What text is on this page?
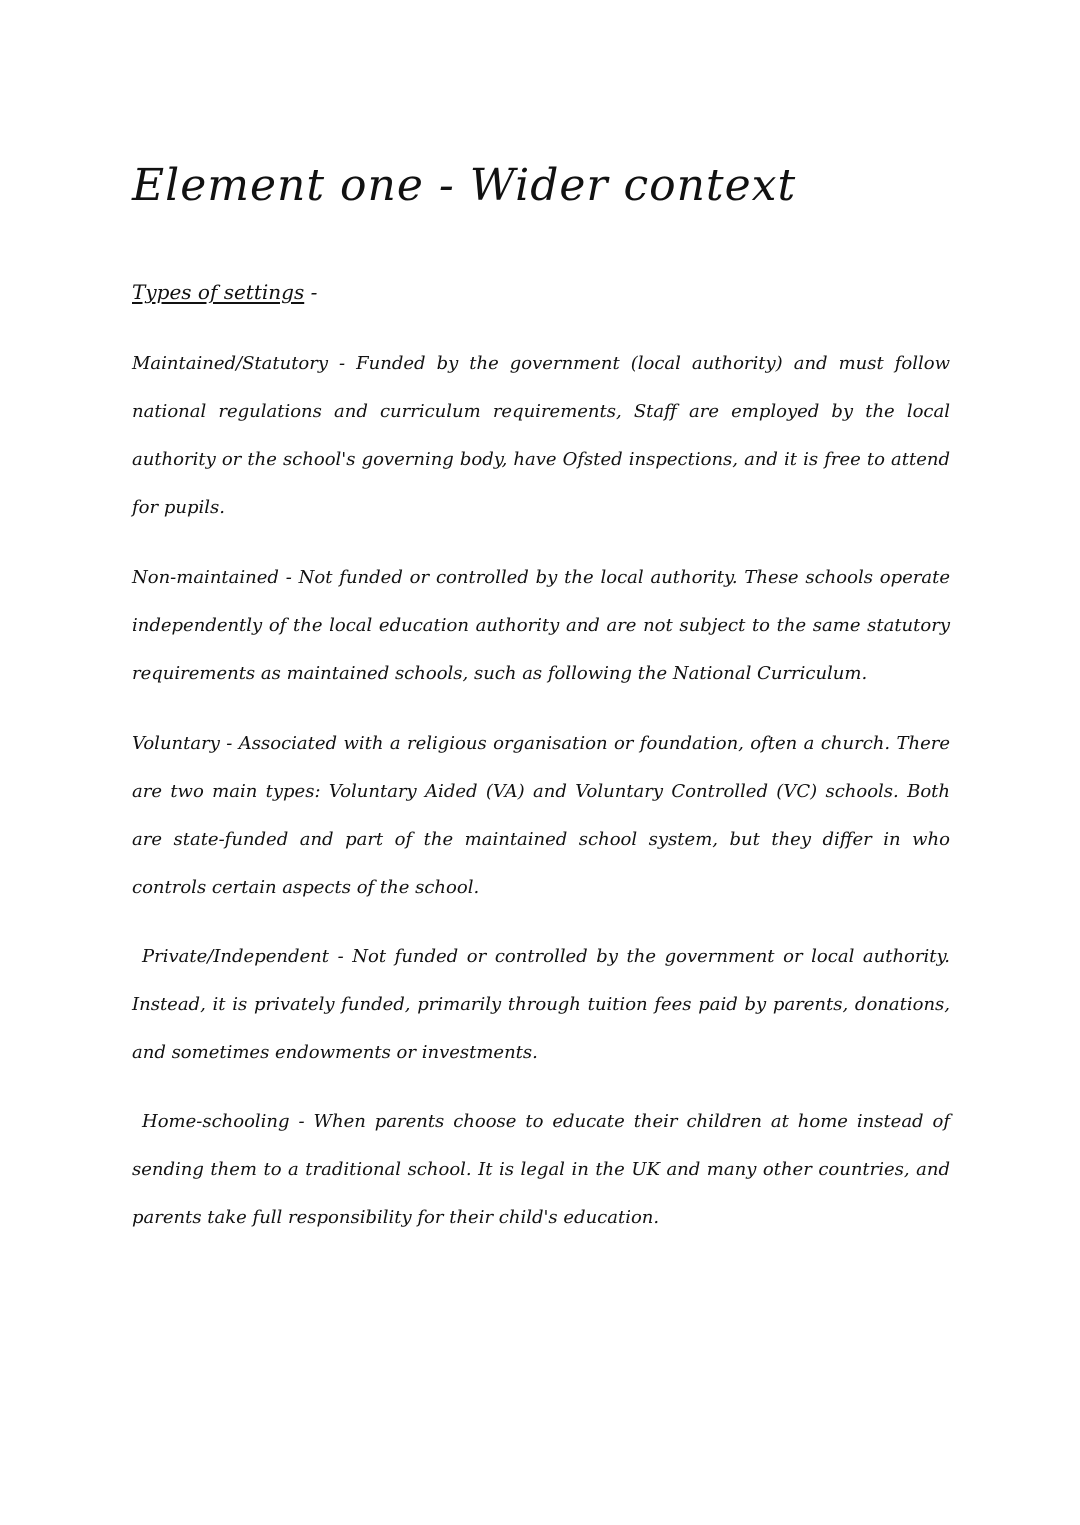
Element one - Wider context
Types of settings -

Maintained/Statutory - Funded by the government (local authority) and must follow national regulations and curriculum requirements, Staff are employed by the local authority or the school's governing body, have Ofsted inspections, and it is free to attend for pupils.

Non-maintained - Not funded or controlled by the local authority. These schools operate independently of the local education authority and are not subject to the same statutory requirements as maintained schools, such as following the National Curriculum.

Voluntary - Associated with a religious organisation or foundation, often a church. There are two main types: Voluntary Aided (VA) and Voluntary Controlled (VC) schools. Both are state-funded and part of the maintained school system, but they differ in who controls certain aspects of the school.

Private/Independent - Not funded or controlled by the government or local authority. Instead, it is privately funded, primarily through tuition fees paid by parents, donations, and sometimes endowments or investments.

Home-schooling - When parents choose to educate their children at home instead of sending them to a traditional school. It is legal in the UK and many other countries, and parents take full responsibility for their child's education.
